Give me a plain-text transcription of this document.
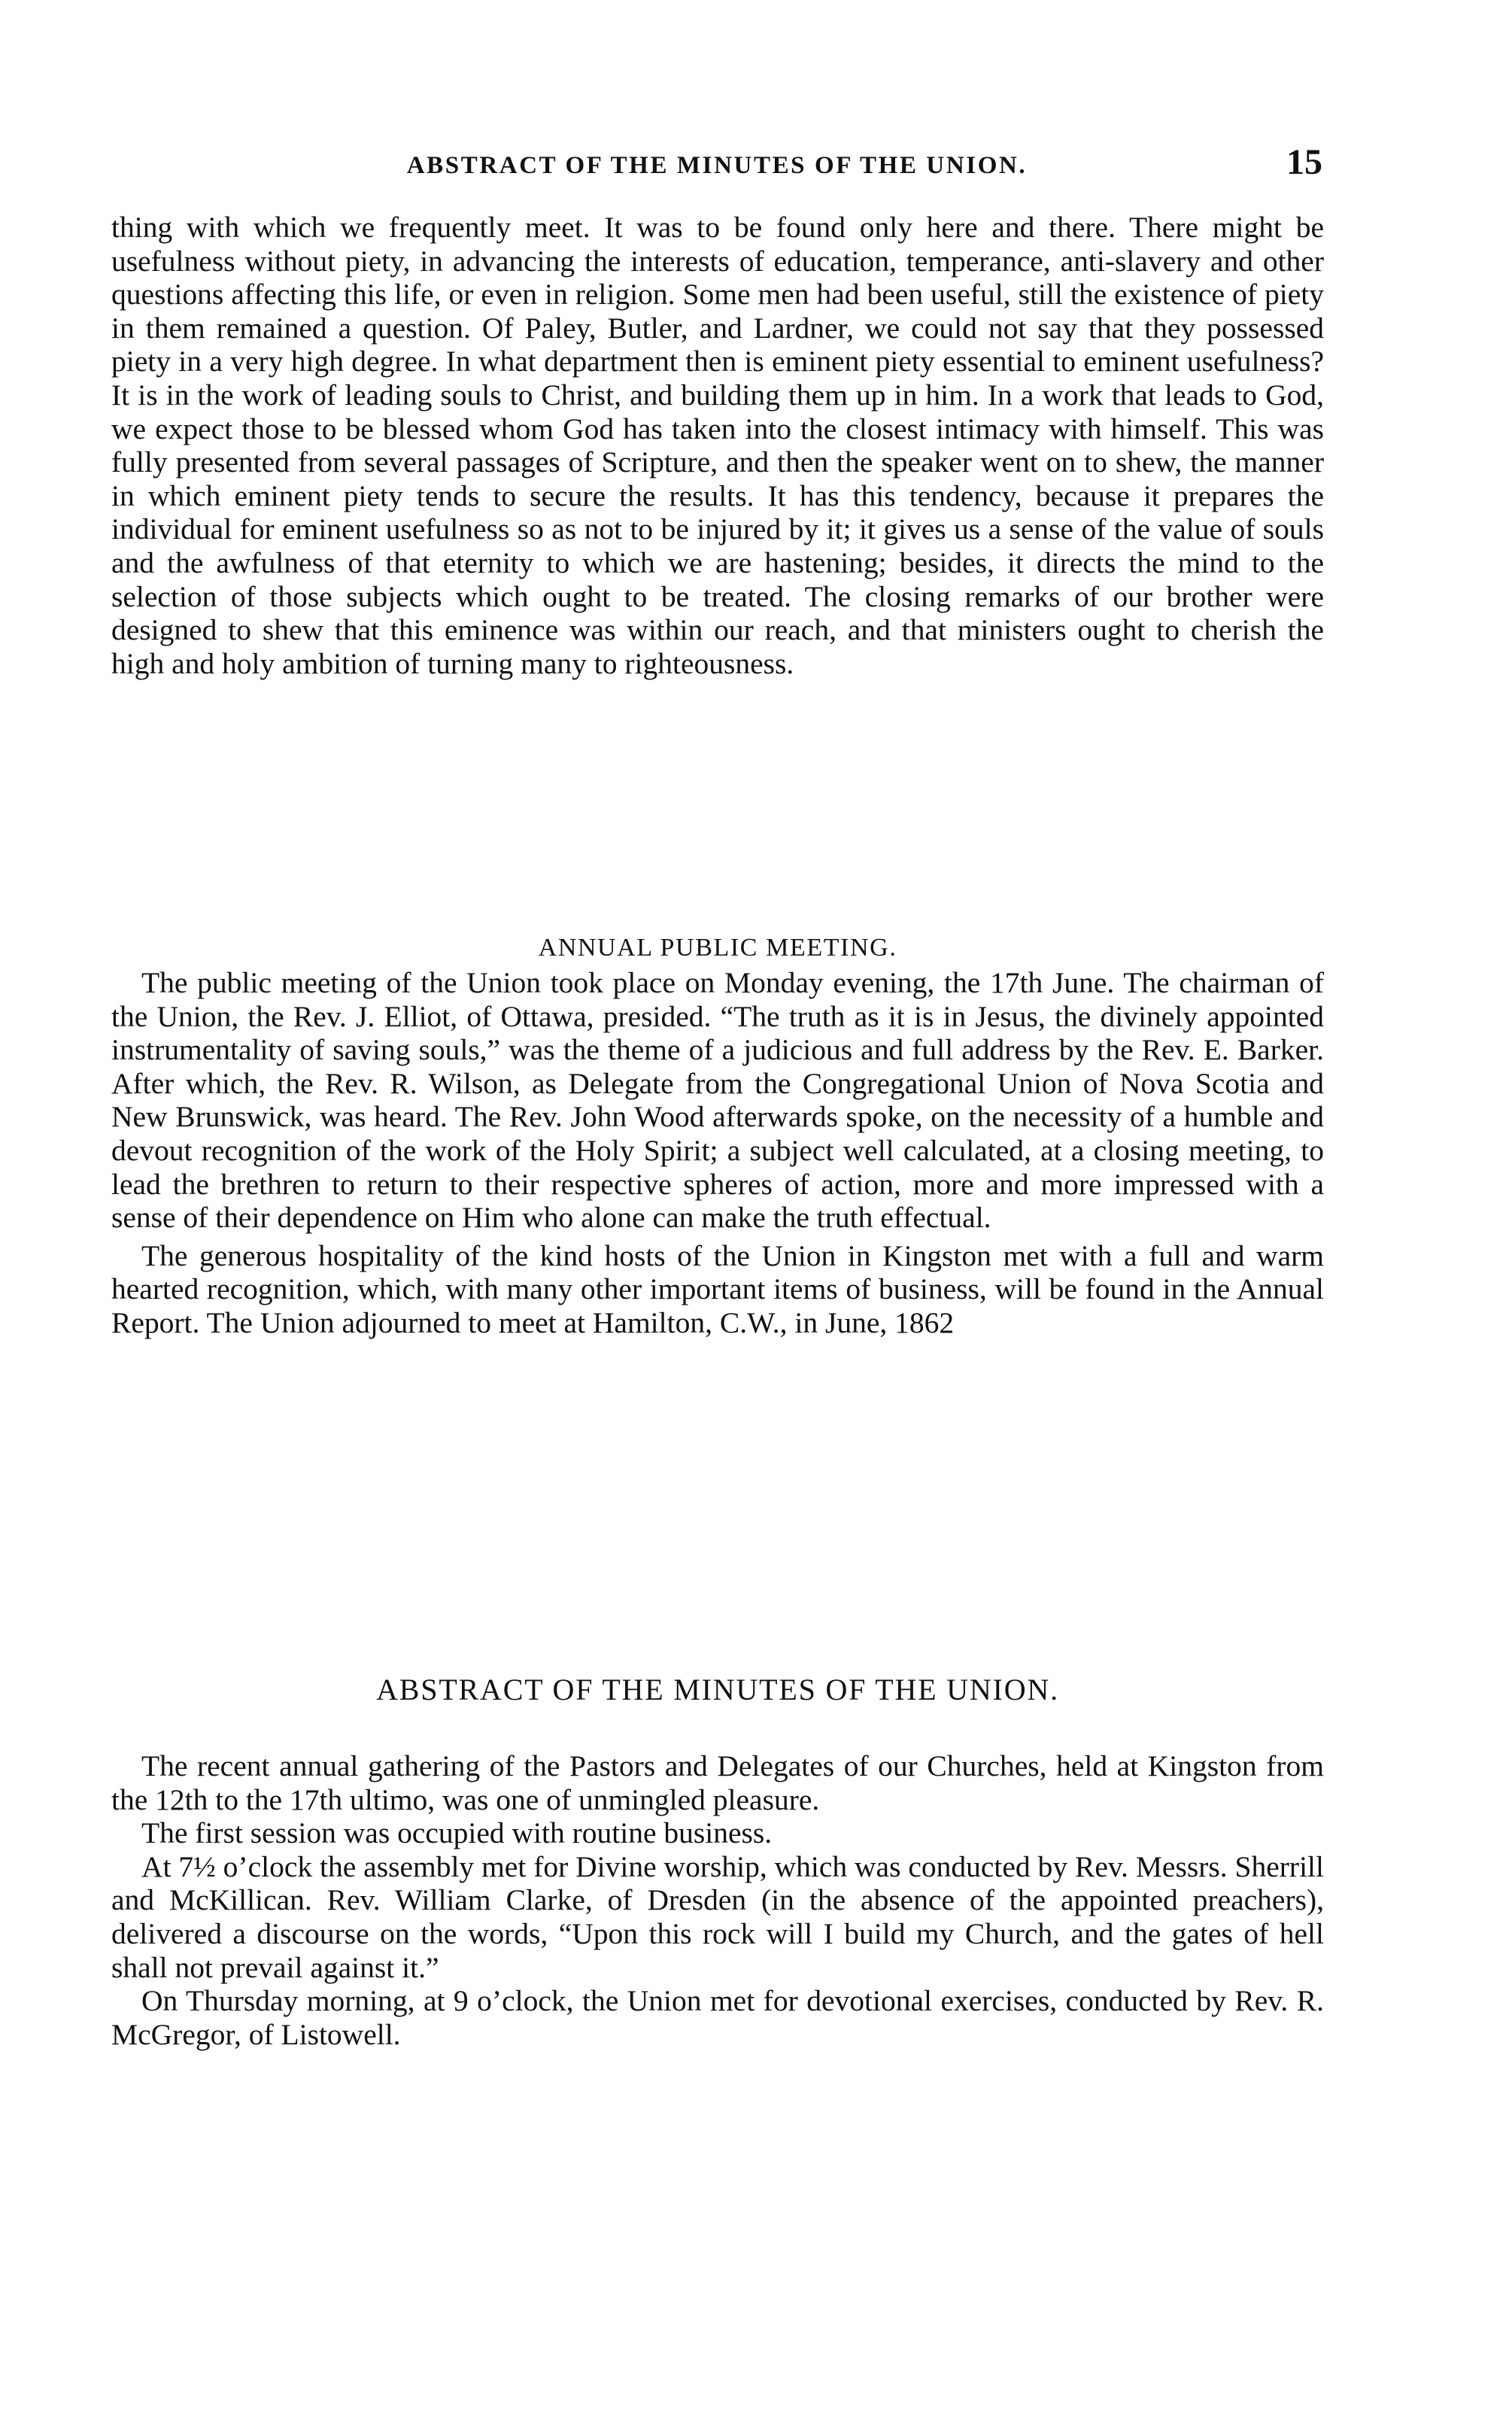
ABSTRACT OF THE MINUTES OF THE UNION.	15

thing with which we frequently meet. It was to be found only here and there. There might be usefulness without piety, in advancing the interests of education, temperance, anti-slavery and other questions affecting this life, or even in religion. Some men had been useful, still the existence of piety in them remained a question. Of Paley, Butler, and Lardner, we could not say that they possessed piety in a very high degree. In what department then is eminent piety essential to eminent usefulness? It is in the work of leading souls to Christ, and building them up in him. In a work that leads to God, we expect those to be blessed whom God has taken into the closest intimacy with himself. This was fully presented from several passages of Scripture, and then the speaker went on to shew, the manner in which eminent piety tends to secure the results. It has this tendency, because it prepares the individual for eminent usefulness so as not to be injured by it; it gives us a sense of the value of souls and the awfulness of that eternity to which we are hastening; besides, it directs the mind to the selection of those subjects which ought to be treated. The closing remarks of our brother were designed to shew that this eminence was within our reach, and that ministers ought to cherish the high and holy ambition of turning many to righteousness.

ANNUAL PUBLIC MEETING.

The public meeting of the Union took place on Monday evening, the 17th June. The chairman of the Union, the Rev. J. Elliot, of Ottawa, presided. “The truth as it is in Jesus, the divinely appointed instrumentality of saving souls,” was the theme of a judicious and full address by the Rev. E. Barker. After which, the Rev. R. Wilson, as Delegate from the Congregational Union of Nova Scotia and New Brunswick, was heard. The Rev. John Wood afterwards spoke, on the necessity of a humble and devout recognition of the work of the Holy Spirit; a subject well calculated, at a closing meeting, to lead the brethren to return to their respective spheres of action, more and more impressed with a sense of their dependence on Him who alone can make the truth effectual.

The generous hospitality of the kind hosts of the Union in Kingston met with a full and warm hearted recognition, which, with many other important items of business, will be found in the Annual Report. The Union adjourned to meet at Hamilton, C.W., in June, 1862

ABSTRACT OF THE MINUTES OF THE UNION.

The recent annual gathering of the Pastors and Delegates of our Churches, held at Kingston from the 12th to the 17th ultimo, was one of unmingled pleasure.

The first session was occupied with routine business.

At 7½ o’clock the assembly met for Divine worship, which was conducted by Rev. Messrs. Sherrill and McKillican. Rev. William Clarke, of Dresden (in the absence of the appointed preachers), delivered a discourse on the words, “Upon this rock will I build my Church, and the gates of hell shall not prevail against it.”

On Thursday morning, at 9 o’clock, the Union met for devotional exercises, conducted by Rev. R. McGregor, of Listowell.
